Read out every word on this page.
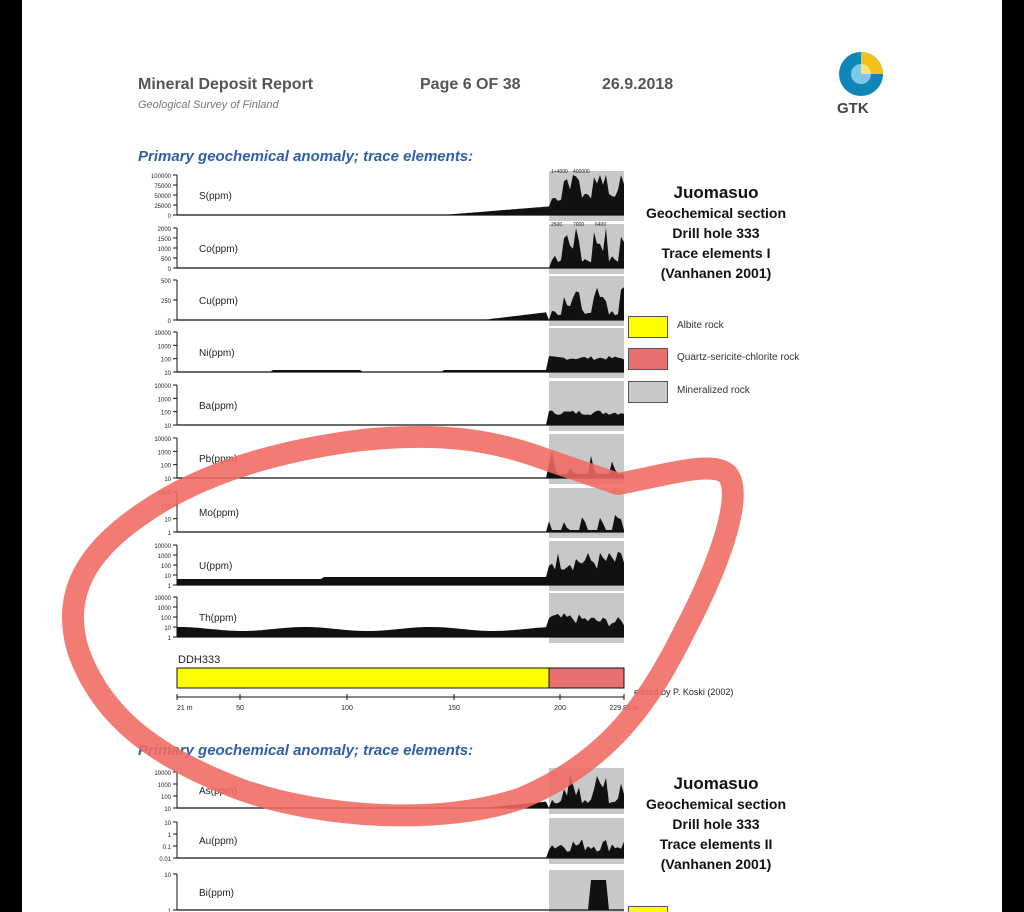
Mineral Deposit Report
Geological Survey of Finland
Page 6 OF 38	26.9.2018
GTK
Primary geochemical anomaly; trace elements:
Juomasuo
Geochemical section
Drill hole 333
Trace elements I
(Vanhanen 2001)
Albite rock
Quartz-sericite-chlorite rock
Mineralized rock
DDH333
edited by P. Koski (2002)
Primary geochemical anomaly; trace elements:
Juomasuo
Geochemical section
Drill hole 333
Trace elements II
(Vanhanen 2001)
100000
75000
50000
25000
0
S(ppm)
1+4000 400000
2000
1500
1000
500
0
Co(ppm)
2500 7000 6400
500
250
0
Cu(ppm)
10000
1000
100
10
Ni(ppm)
10000
1000
100
10
Ba(ppm)
10000
1000
100
10
Pb(ppm)
1000
100
10
1
Mo(ppm)
10000
1000
100
10
1
U(ppm)
10000
1000
100
10
1
Th(ppm)
21 m	50	100	150	200	229.85 m
10000
1000
100
10
As(ppm)
10
1
0.1
0.01
Au(ppm)
10
1
Bi(ppm)
